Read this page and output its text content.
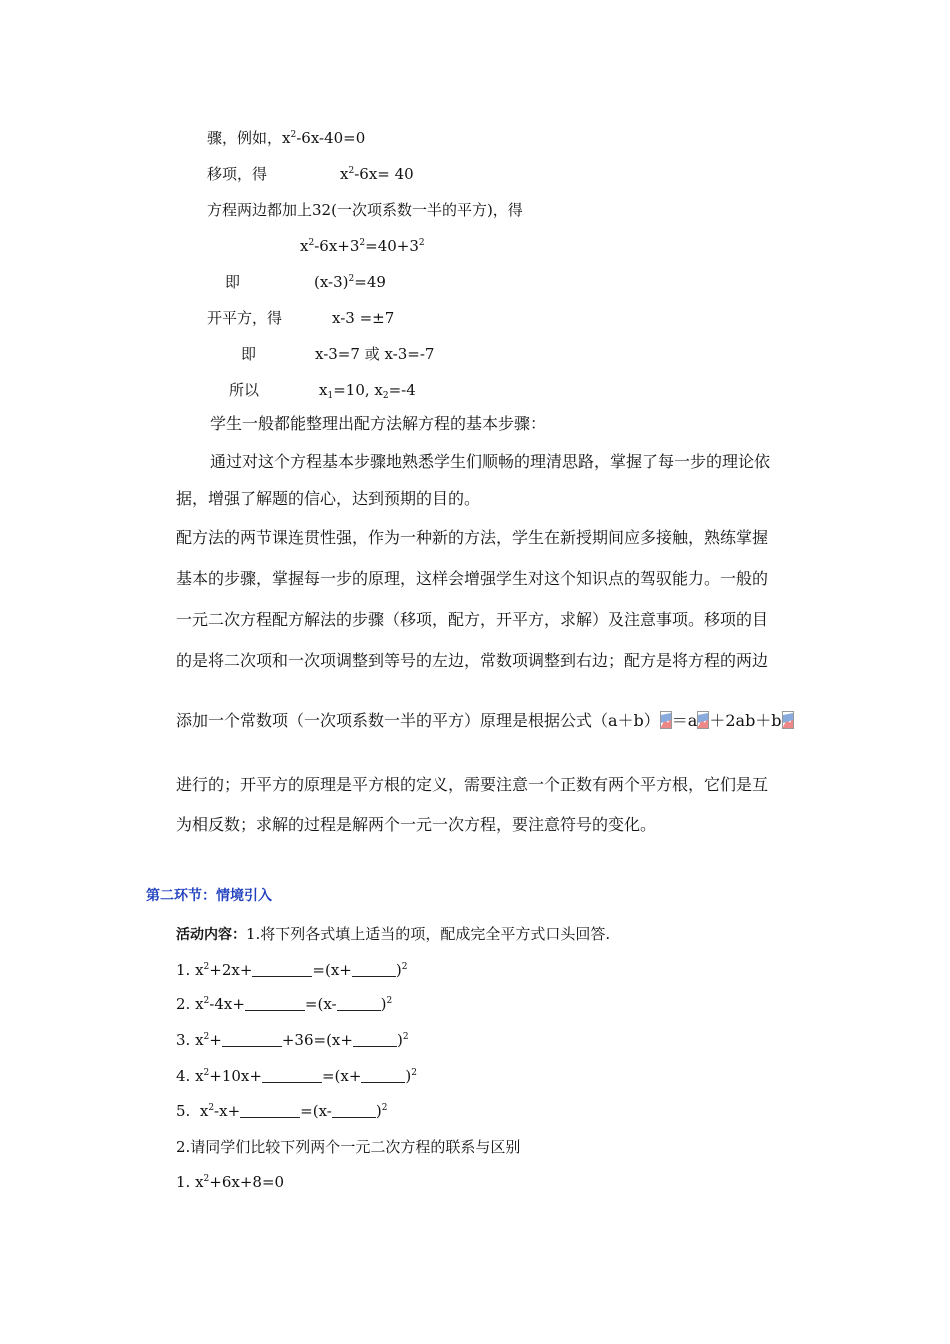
骤，例如，$x^2-6x-40=0$
移项，得	$x^2-6x= 40$
方程两边都加上32(一次项系数一半的平方)，得
$x^2-6x+3^2=40+3^2$
即	$(x-3)^2=49$
开平方，得	x-3 =±7
即	x-3=7 或 x-3=-7
所以	$x_1=10$, $x_2=-4$
学生一般都能整理出配方法解方程的基本步骤：
通过对这个方程基本步骤地熟悉学生们顺畅的理清思路，掌握了每一步的理论依
据，增强了解题的信心，达到预期的目的。
配方法的两节课连贯性强，作为一种新的方法，学生在新授期间应多接触，熟练掌握
基本的步骤，掌握每一步的原理，这样会增强学生对这个知识点的驾驭能力。一般的
一元二次方程配方解法的步骤（移项，配方，开平方，求解）及注意事项。移项的目
的是将二次项和一次项调整到等号的左边，常数项调整到右边；配方是将方程的两边
添加一个常数项（一次项系数一半的平方）原理是根据公式（a＋b） ＝a ＋2ab＋b
进行的；开平方的原理是平方根的定义，需要注意一个正数有两个平方根，它们是互
为相反数；求解的过程是解两个一元一次方程，要注意符号的变化。
第二环节：情境引入
活动内容：1.将下列各式填上适当的项，配成完全平方式口头回答.
1. $x^2+2x+$	=(x+	)$^2$
2. $x^2-4x+$	=(x-	)$^2$
3. $x^2+$	+36=(x+	)$^2$
4. $x^2+10x+$	=(x+	)$^2$
5.  $x^2-x+$	=(x-	)$^2$
2.请同学们比较下列两个一元二次方程的联系与区别
1. $x^2+6x+8=0$
